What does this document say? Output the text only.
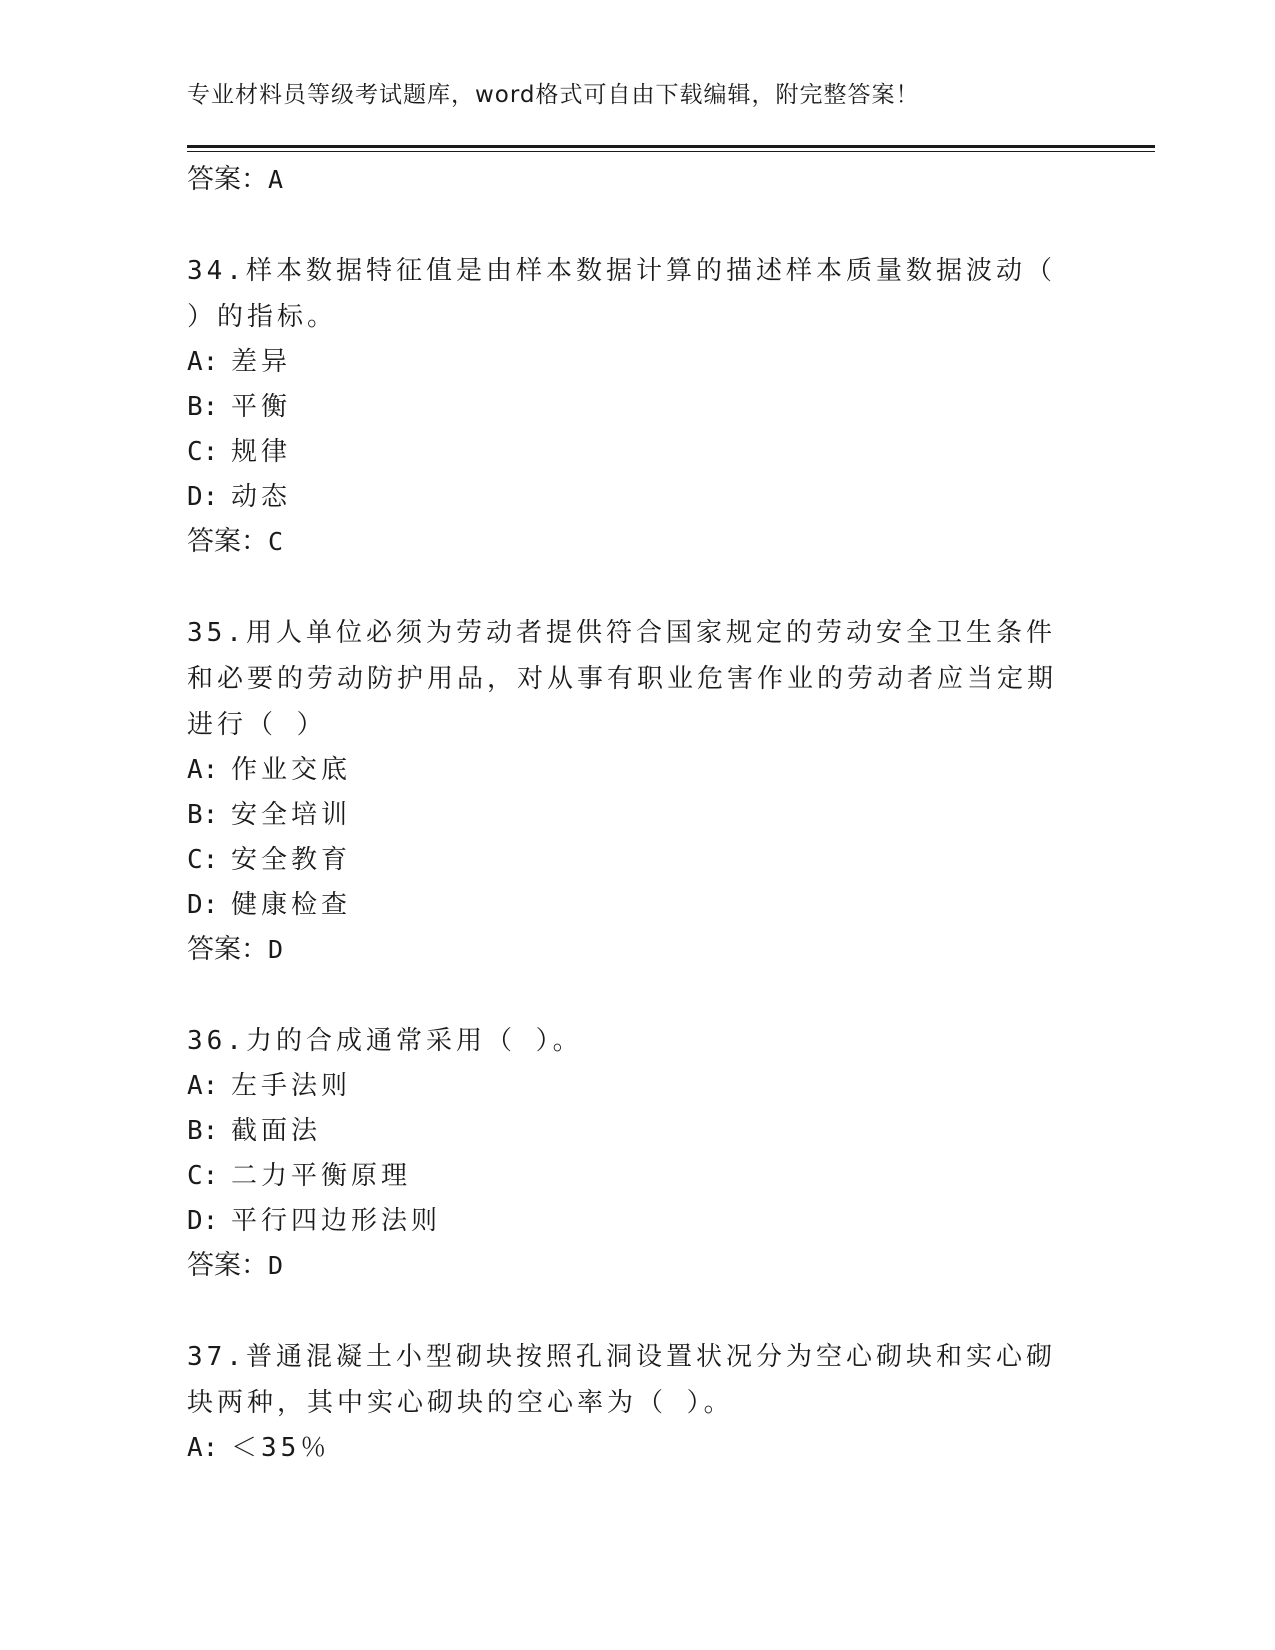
专业材料员等级考试题库，word格式可自由下载编辑，附完整答案！
答案：A

34.样本数据特征值是由样本数据计算的描述样本质量数据波动（ ）的指标。

A: 差异
B: 平衡
C: 规律
D: 动态
答案：C

35.用人单位必须为劳动者提供符合国家规定的劳动安全卫生条件和必要的劳动防护用品，对从事有职业危害作业的劳动者应当定期进行（ ）

A: 作业交底
B: 安全培训
C: 安全教育
D: 健康检查
答案：D

36.力的合成通常采用（ ）。

A: 左手法则
B: 截面法
C: 二力平衡原理
D: 平行四边形法则
答案：D

37.普通混凝土小型砌块按照孔洞设置状况分为空心砌块和实心砌块两种，其中实心砌块的空心率为（ ）。

A: ＜35％
